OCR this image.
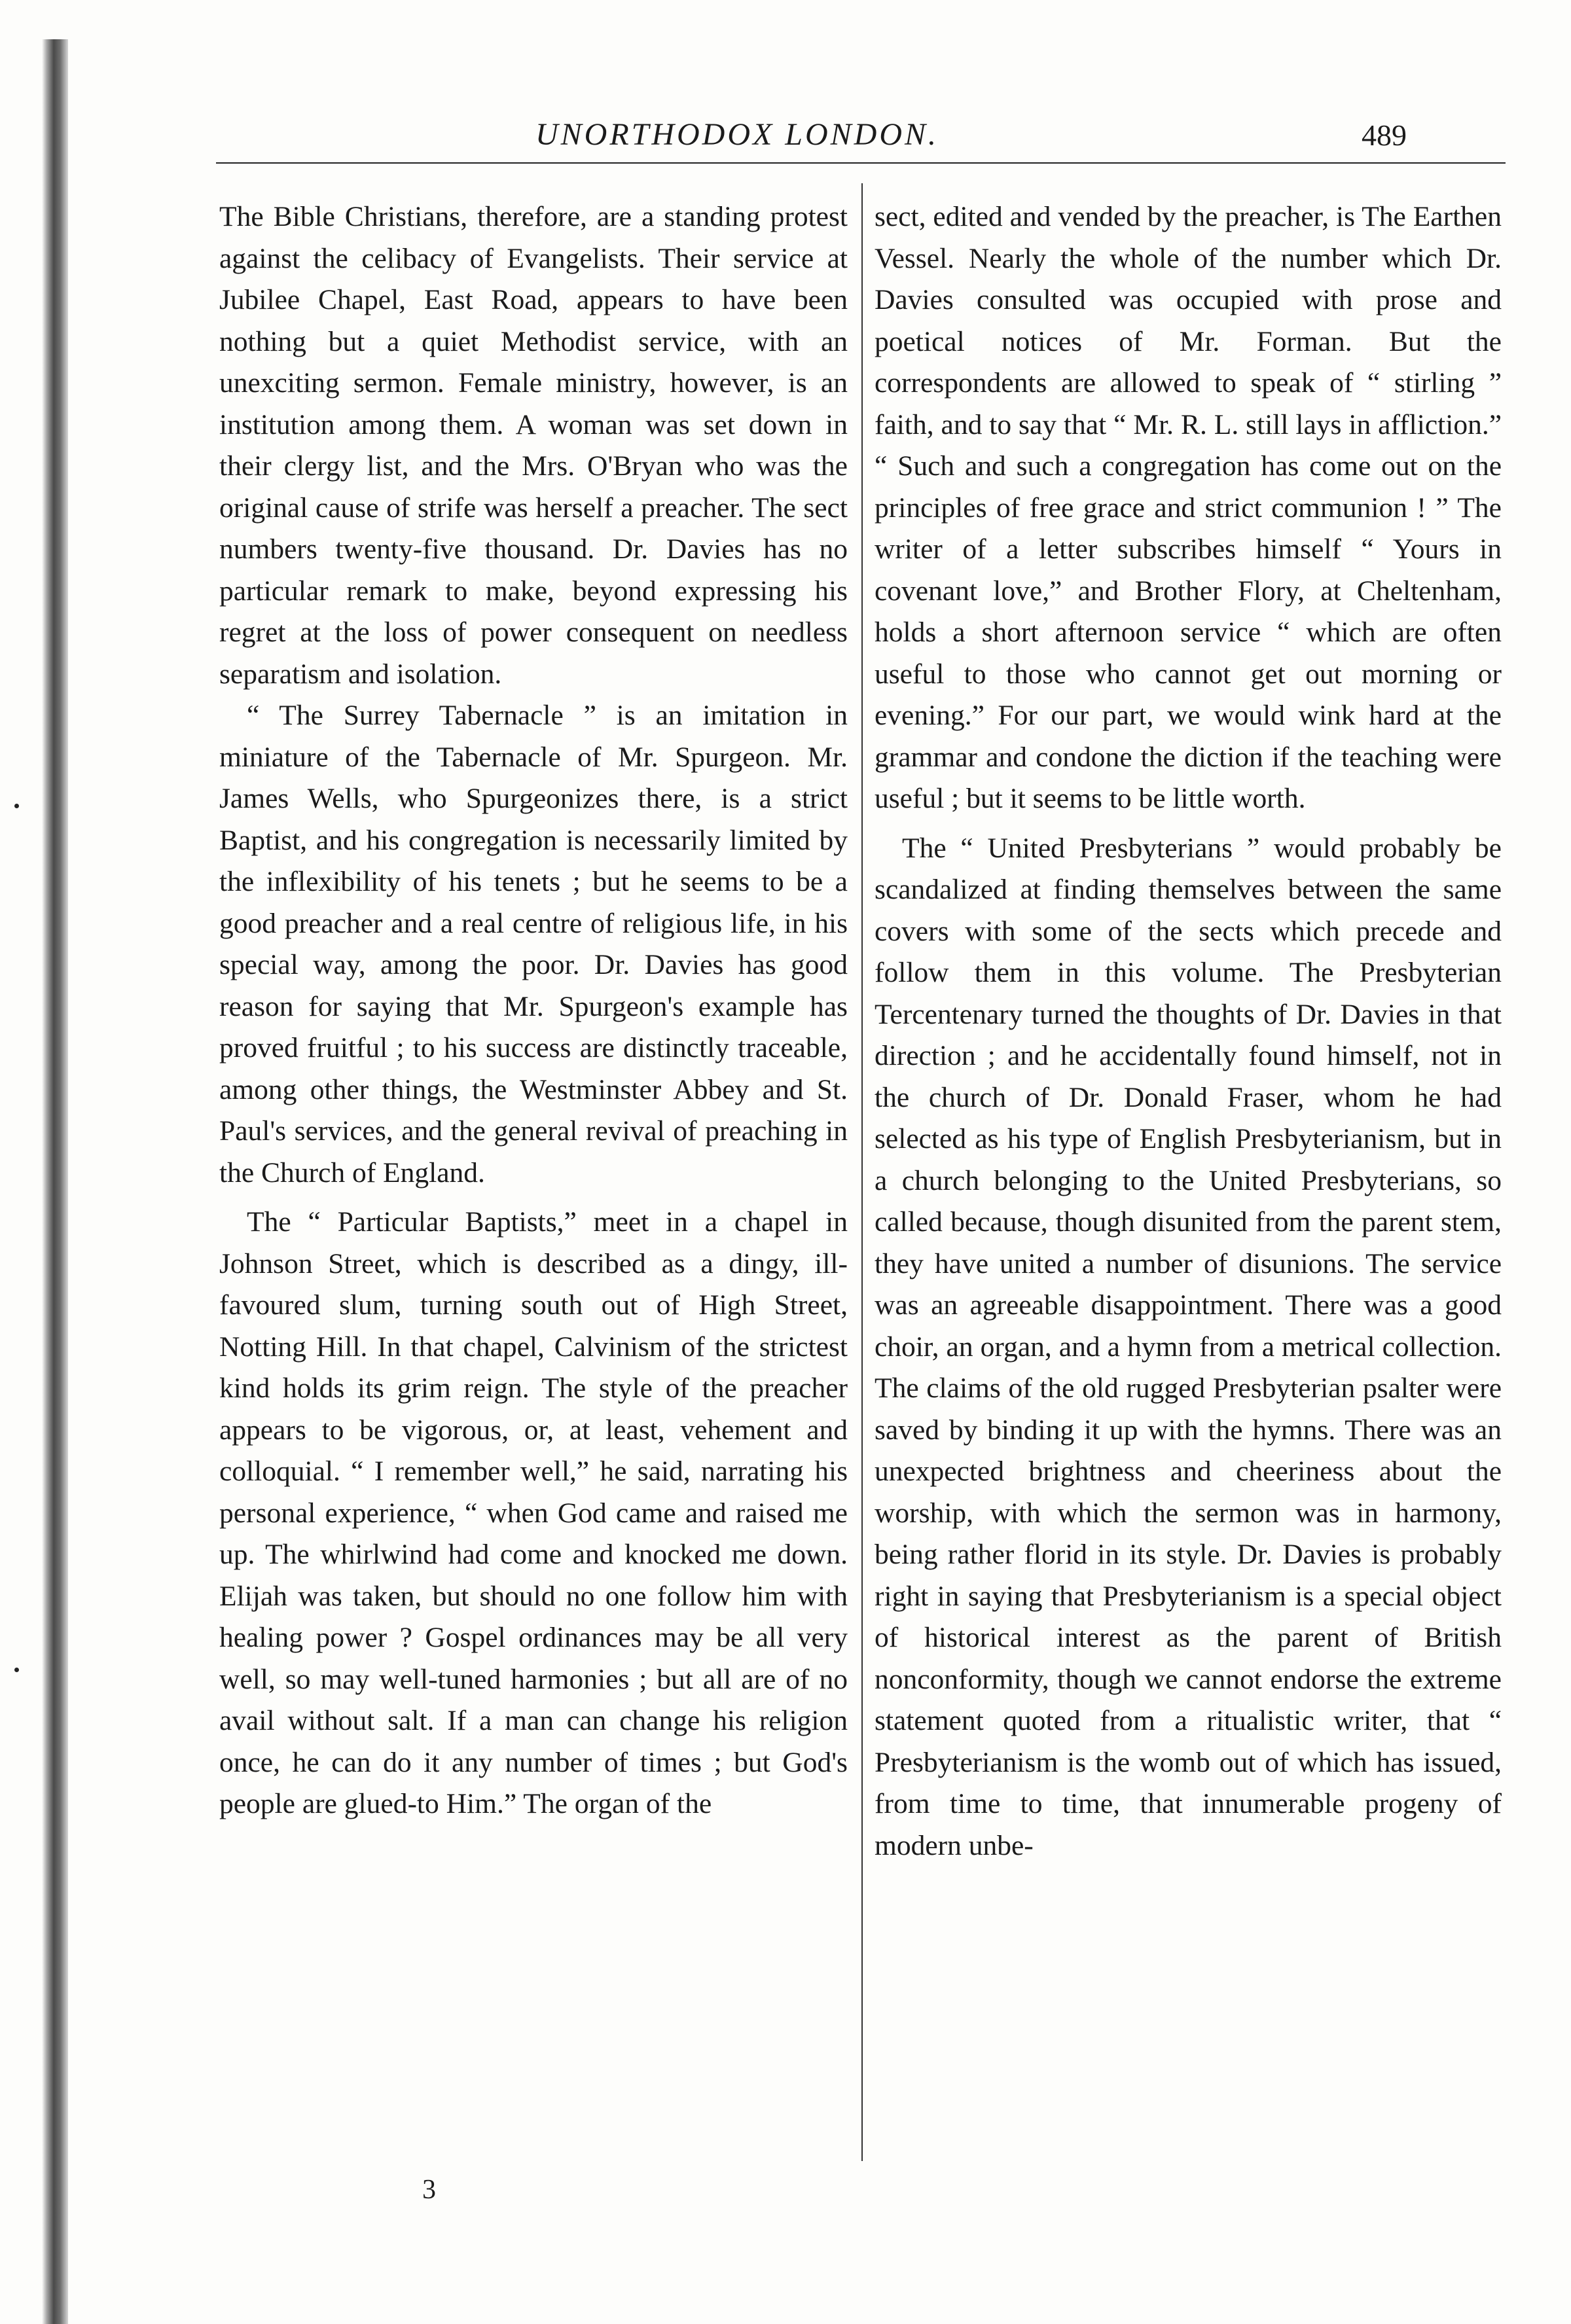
UNORTHODOX LONDON.	489

The Bible Christians, therefore, are a standing protest against the celibacy of Evangelists. Their service at Jubilee Chapel, East Road, appears to have been nothing but a quiet Methodist service, with an unexciting sermon. Female ministry, however, is an institution among them. A woman was set down in their clergy list, and the Mrs. O'Bryan who was the original cause of strife was herself a preacher. The sect numbers twenty-five thousand. Dr. Davies has no particular remark to make, beyond expressing his regret at the loss of power consequent on needless separatism and isolation.

“ The Surrey Tabernacle ” is an imitation in miniature of the Tabernacle of Mr. Spurgeon. Mr. James Wells, who Spurgeonizes there, is a strict Baptist, and his congregation is necessarily limited by the inflexibility of his tenets ; but he seems to be a good preacher and a real centre of religious life, in his special way, among the poor. Dr. Davies has good reason for saying that Mr. Spurgeon's example has proved fruitful ; to his success are distinctly traceable, among other things, the Westminster Abbey and St. Paul's services, and the general revival of preaching in the Church of England.

The “ Particular Baptists,” meet in a chapel in Johnson Street, which is described as a dingy, ill-favoured slum, turning south out of High Street, Notting Hill. In that chapel, Calvinism of the strictest kind holds its grim reign. The style of the preacher appears to be vigorous, or, at least, vehement and colloquial. “ I remember well,” he said, narrating his personal experience, “ when God came and raised me up. The whirlwind had come and knocked me down. Elijah was taken, but should no one follow him with healing power ? Gospel ordinances may be all very well, so may well-tuned harmonies ; but all are of no avail without salt. If a man can change his religion once, he can do it any number of times ; but God's people are glued-to Him.” The organ of the

sect, edited and vended by the preacher, is The Earthen Vessel. Nearly the whole of the number which Dr. Davies consulted was occupied with prose and poetical notices of Mr. Forman. But the correspondents are allowed to speak of “ stirling ” faith, and to say that “ Mr. R. L. still lays in affliction.” “ Such and such a congregation has come out on the principles of free grace and strict communion ! ” The writer of a letter subscribes himself “ Yours in covenant love,” and Brother Flory, at Cheltenham, holds a short afternoon service “ which are often useful to those who cannot get out morning or evening.” For our part, we would wink hard at the grammar and condone the diction if the teaching were useful ; but it seems to be little worth.

The “ United Presbyterians ” would probably be scandalized at finding themselves between the same covers with some of the sects which precede and follow them in this volume. The Presbyterian Tercentenary turned the thoughts of Dr. Davies in that direction ; and he accidentally found himself, not in the church of Dr. Donald Fraser, whom he had selected as his type of English Presbyterianism, but in a church belonging to the United Presbyterians, so called because, though disunited from the parent stem, they have united a number of disunions. The service was an agreeable disappointment. There was a good choir, an organ, and a hymn from a metrical collection. The claims of the old rugged Presbyterian psalter were saved by binding it up with the hymns. There was an unexpected brightness and cheeriness about the worship, with which the sermon was in harmony, being rather florid in its style. Dr. Davies is probably right in saying that Presbyterianism is a special object of historical interest as the parent of British nonconformity, though we cannot endorse the extreme statement quoted from a ritualistic writer, that “ Presbyterianism is the womb out of which has issued, from time to time, that innumerable progeny of modern unbe-

3
